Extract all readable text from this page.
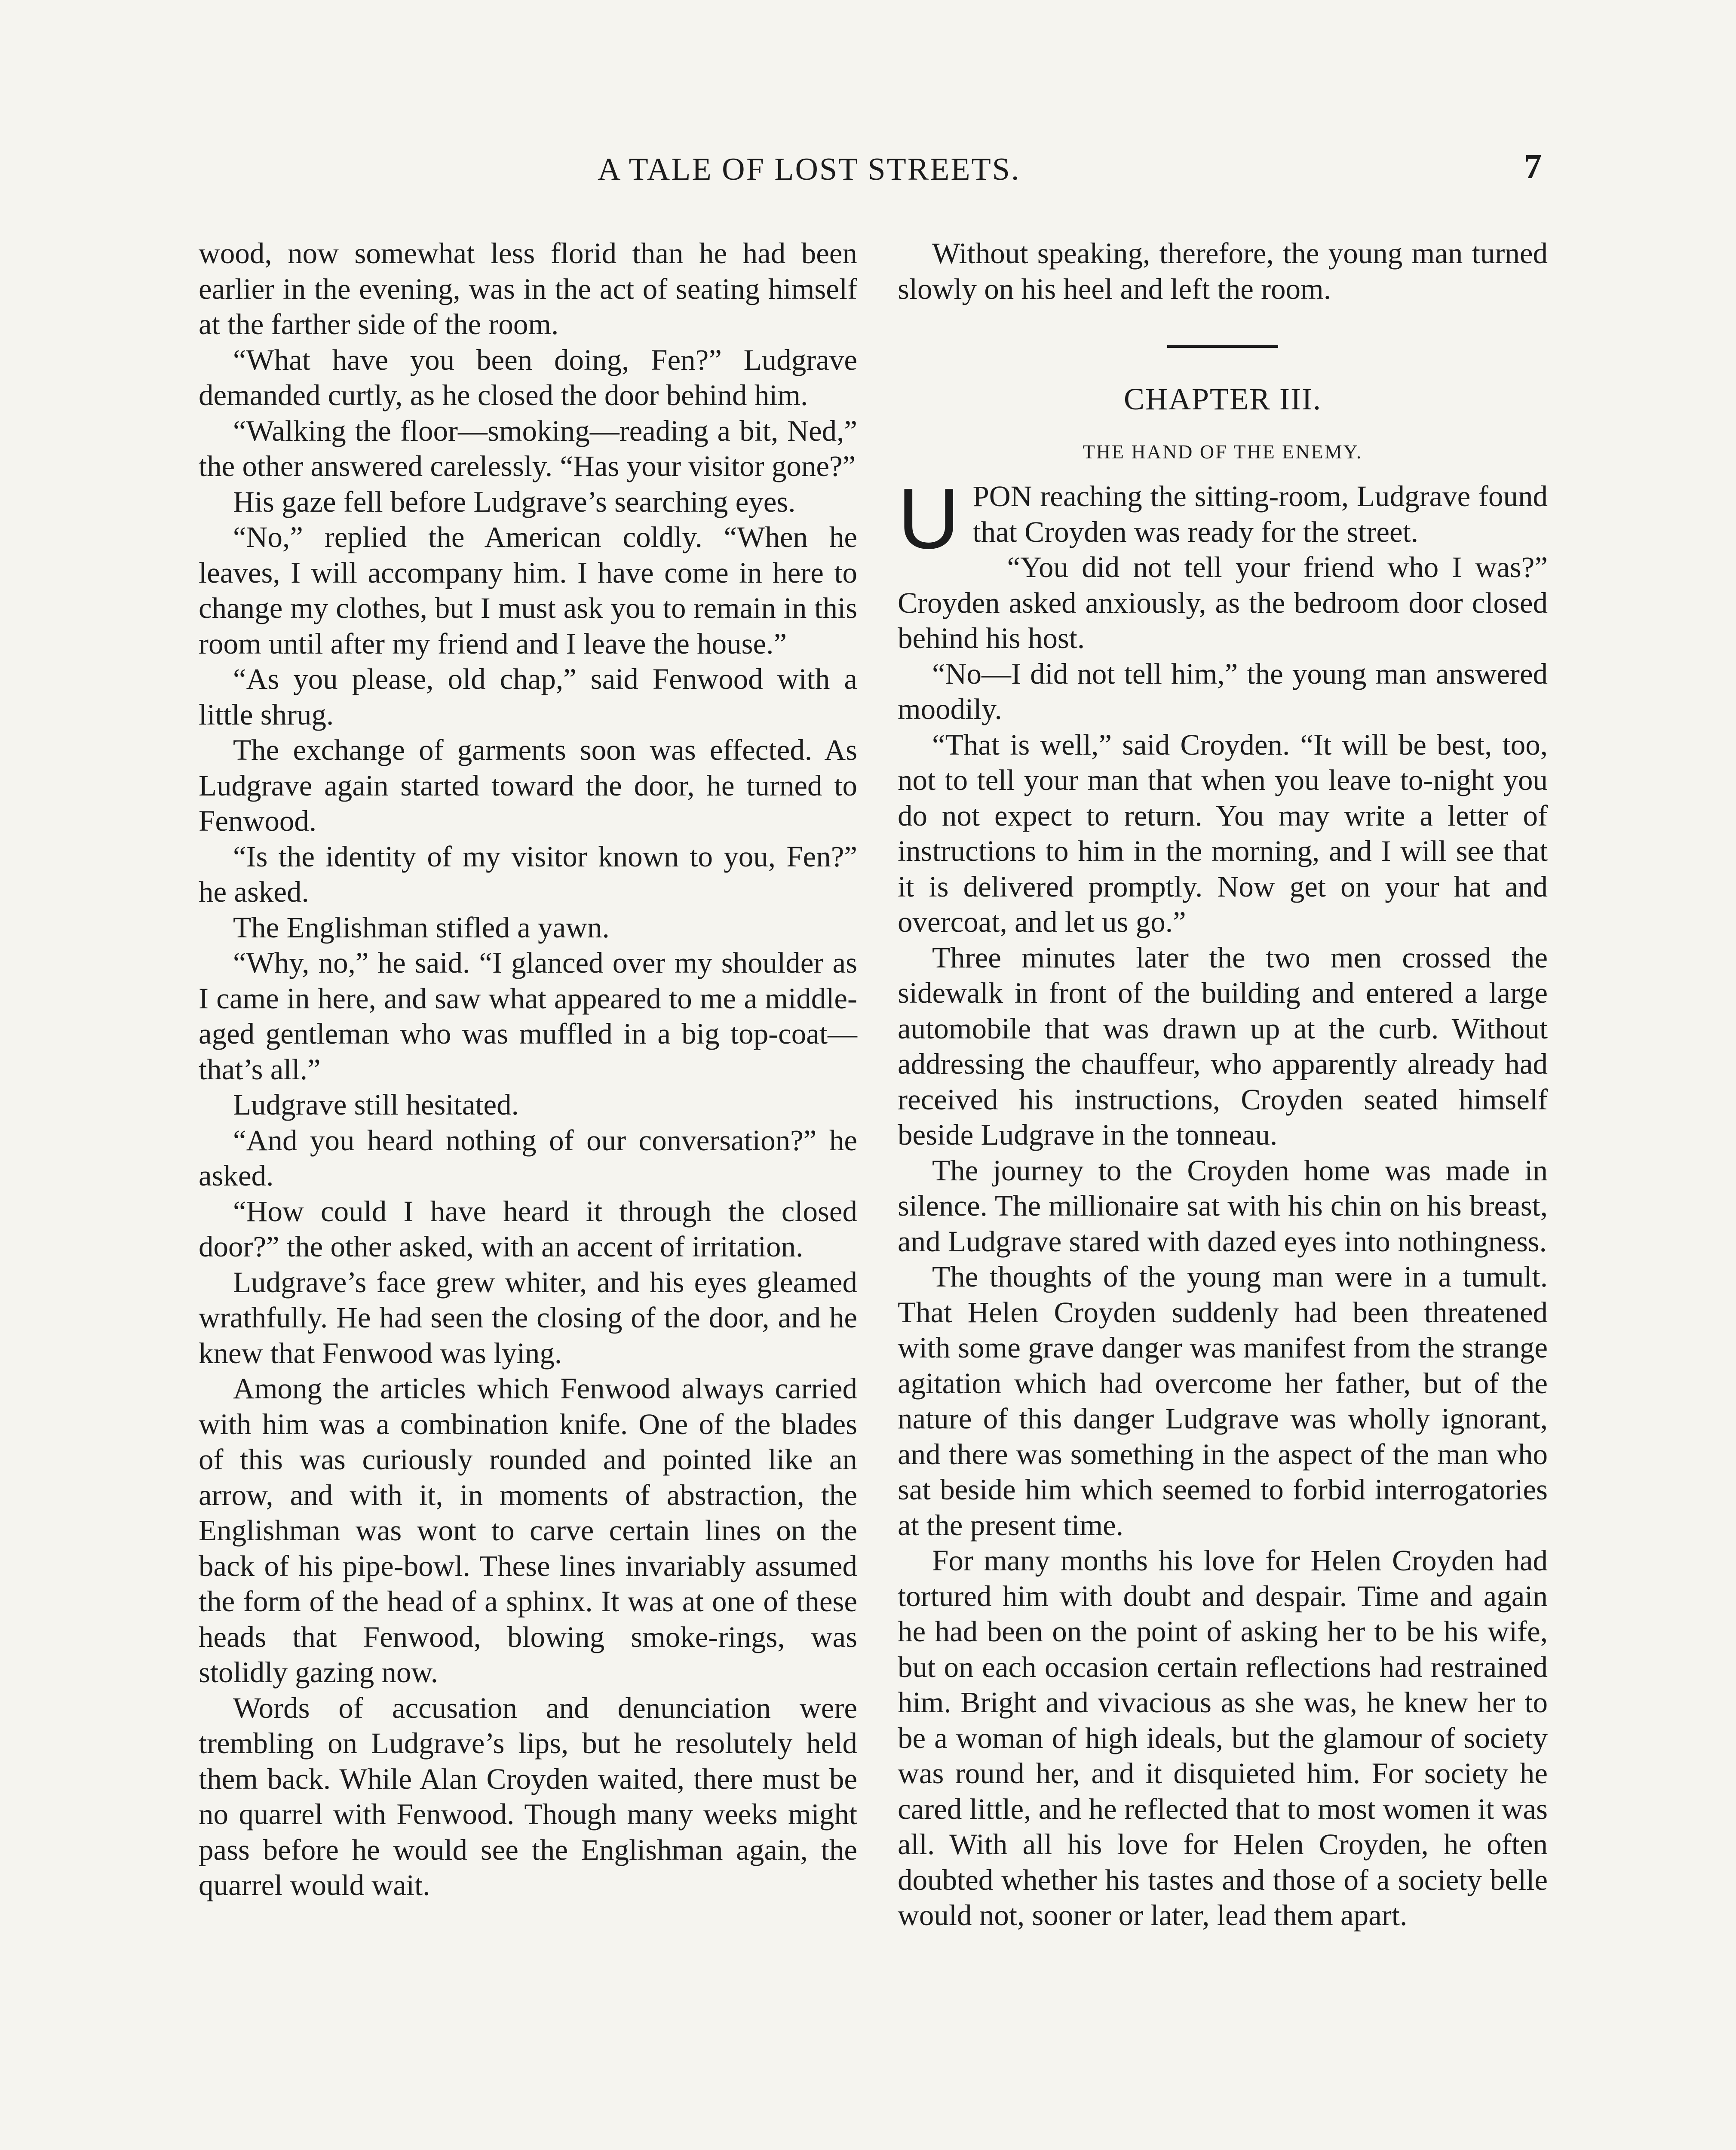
A TALE OF LOST STREETS.	7

wood, now somewhat less florid than he had been earlier in the evening, was in the act of seating himself at the farther side of the room.

“What have you been doing, Fen?” Ludgrave demanded curtly, as he closed the door behind him.

“Walking the floor—smoking—reading a bit, Ned,” the other answered carelessly. “Has your visitor gone?”

His gaze fell before Ludgrave’s searching eyes.

“No,” replied the American coldly. “When he leaves, I will accompany him. I have come in here to change my clothes, but I must ask you to remain in this room until after my friend and I leave the house.”

“As you please, old chap,” said Fenwood with a little shrug.

The exchange of garments soon was effected. As Ludgrave again started toward the door, he turned to Fenwood.

“Is the identity of my visitor known to you, Fen?” he asked.

The Englishman stifled a yawn.

“Why, no,” he said. “I glanced over my shoulder as I came in here, and saw what appeared to me a middle-aged gentleman who was muffled in a big top-coat—that’s all.”

Ludgrave still hesitated.

“And you heard nothing of our conversation?” he asked.

“How could I have heard it through the closed door?” the other asked, with an accent of irritation.

Ludgrave’s face grew whiter, and his eyes gleamed wrathfully. He had seen the closing of the door, and he knew that Fenwood was lying.

Among the articles which Fenwood always carried with him was a combination knife. One of the blades of this was curiously rounded and pointed like an arrow, and with it, in moments of abstraction, the Englishman was wont to carve certain lines on the back of his pipe-bowl. These lines invariably assumed the form of the head of a sphinx. It was at one of these heads that Fenwood, blowing smoke-rings, was stolidly gazing now.

Words of accusation and denunciation were trembling on Ludgrave’s lips, but he resolutely held them back. While Alan Croyden waited, there must be no quarrel with Fenwood. Though many weeks might pass before he would see the Englishman again, the quarrel would wait.

Without speaking, therefore, the young man turned slowly on his heel and left the room.

CHAPTER III.
THE HAND OF THE ENEMY.

UPON reaching the sitting-room, Ludgrave found that Croyden was ready for the street.

“You did not tell your friend who I was?” Croyden asked anxiously, as the bedroom door closed behind his host.

“No—I did not tell him,” the young man answered moodily.

“That is well,” said Croyden. “It will be best, too, not to tell your man that when you leave to-night you do not expect to return. You may write a letter of instructions to him in the morning, and I will see that it is delivered promptly. Now get on your hat and overcoat, and let us go.”

Three minutes later the two men crossed the sidewalk in front of the building and entered a large automobile that was drawn up at the curb. Without addressing the chauffeur, who apparently already had received his instructions, Croyden seated himself beside Ludgrave in the tonneau.

The journey to the Croyden home was made in silence. The millionaire sat with his chin on his breast, and Ludgrave stared with dazed eyes into nothingness.

The thoughts of the young man were in a tumult. That Helen Croyden suddenly had been threatened with some grave danger was manifest from the strange agitation which had overcome her father, but of the nature of this danger Ludgrave was wholly ignorant, and there was something in the aspect of the man who sat beside him which seemed to forbid interrogatories at the present time.

For many months his love for Helen Croyden had tortured him with doubt and despair. Time and again he had been on the point of asking her to be his wife, but on each occasion certain reflections had restrained him. Bright and vivacious as she was, he knew her to be a woman of high ideals, but the glamour of society was round her, and it disquieted him. For society he cared little, and he reflected that to most women it was all. With all his love for Helen Croyden, he often doubted whether his tastes and those of a society belle would not, sooner or later, lead them apart.
